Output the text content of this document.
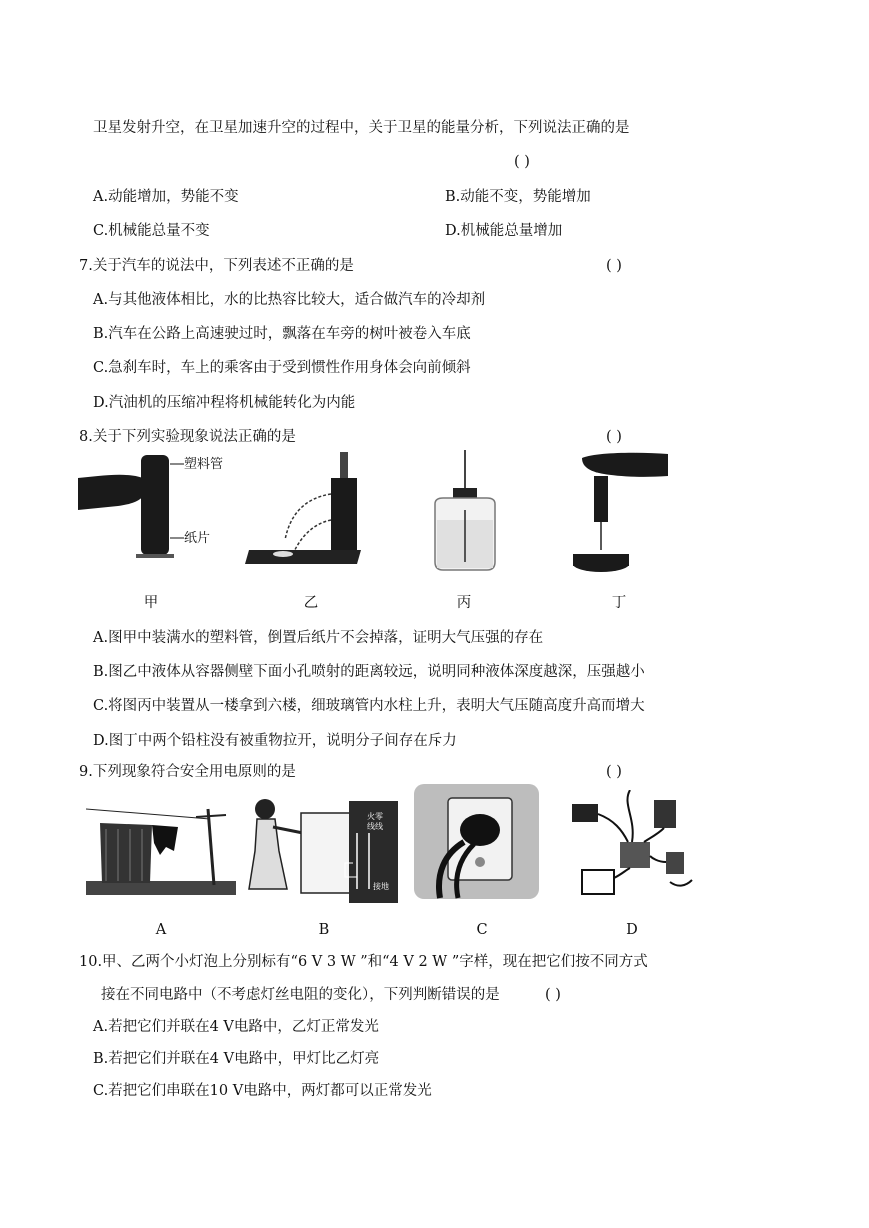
卫星发射升空，在卫星加速升空的过程中，关于卫星的能量分析，下列说法正确的是
( )
A.动能增加，势能不变	B.动能不变，势能增加
C.机械能总量不变	D.机械能总量增加
7.关于汽车的说法中，下列表述不正确的是	( )
A.与其他液体相比，水的比热容比较大，适合做汽车的冷却剂
B.汽车在公路上高速驶过时，飘落在车旁的树叶被卷入车底
C.急刹车时，车上的乘客由于受到惯性作用身体会向前倾斜
D.汽油机的压缩冲程将机械能转化为内能
8.关于下列实验现象说法正确的是	( )
塑料管
纸片
甲	乙	丙	丁
A.图甲中装满水的塑料管，倒置后纸片不会掉落，证明大气压强的存在
B.图乙中液体从容器侧壁下面小孔喷射的距离较远，说明同种液体深度越深，压强越小
C.将图丙中装置从一楼拿到六楼，细玻璃管内水柱上升，表明大气压随高度升高而增大
D.图丁中两个铅柱没有被重物拉开，说明分子间存在斥力
9.下列现象符合安全用电原则的是	( )
火零
线线
接地
A	B	C	D
10.甲、乙两个小灯泡上分别标有“6 V 3 W ”和“4 V 2 W ”字样，现在把它们按不同方式
接在不同电路中（不考虑灯丝电阻的变化），下列判断错误的是	( )
A.若把它们并联在4 V电路中，乙灯正常发光
B.若把它们并联在4 V电路中，甲灯比乙灯亮
C.若把它们串联在10 V电路中，两灯都可以正常发光
